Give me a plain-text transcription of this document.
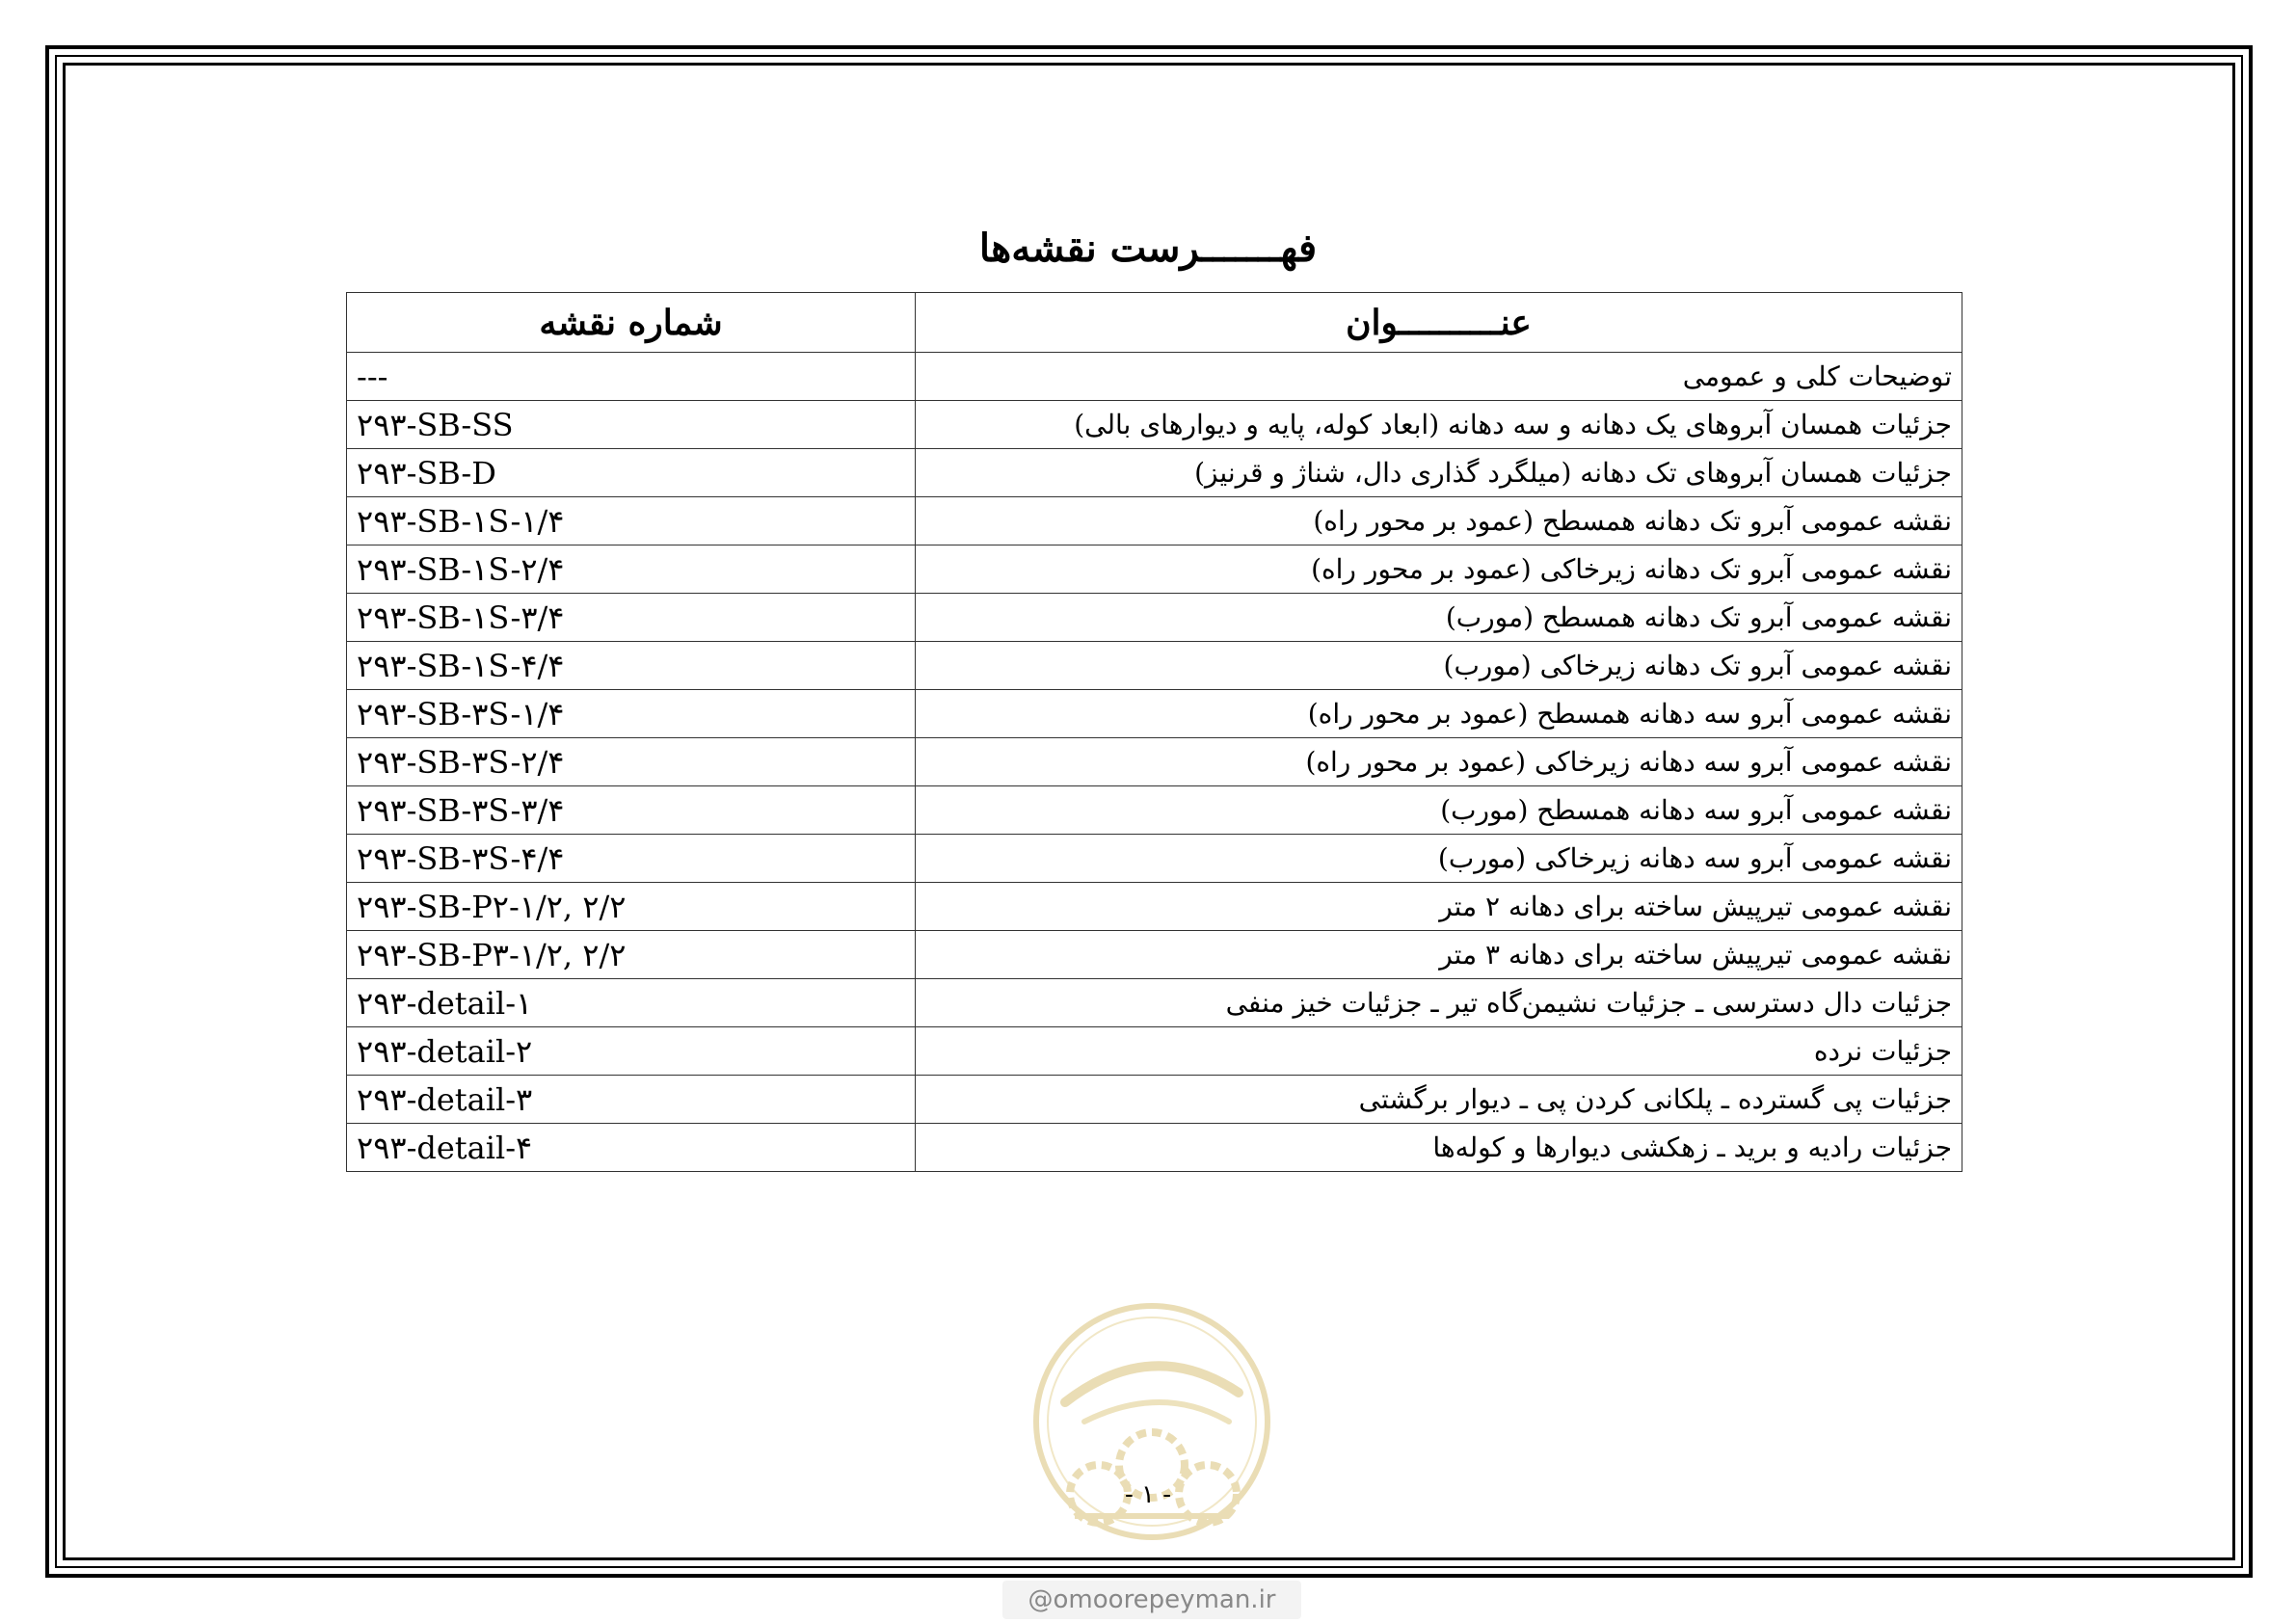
فهـــــــرست نقشه‌ها
عنــــــــــوان	شماره نقشه
توضیحات کلی و عمومی	---
جزئیات همسان آبروهای یک دهانه و سه دهانه (ابعاد کوله، پایه و دیوارهای بالی)	۲۹۳-SB-SS
جزئیات همسان آبروهای تک دهانه (میلگرد گذاری دال، شناژ و قرنیز)	۲۹۳-SB-D
نقشه عمومی آبرو تک دهانه همسطح (عمود بر محور راه)	۲۹۳-SB-۱S-۱/۴
نقشه عمومی آبرو تک دهانه زیرخاکی (عمود بر محور راه)	۲۹۳-SB-۱S-۲/۴
نقشه عمومی آبرو تک دهانه همسطح (مورب)	۲۹۳-SB-۱S-۳/۴
نقشه عمومی آبرو تک دهانه زیرخاکی (مورب)	۲۹۳-SB-۱S-۴/۴
نقشه عمومی آبرو سه دهانه همسطح (عمود بر محور راه)	۲۹۳-SB-۳S-۱/۴
نقشه عمومی آبرو سه دهانه زیرخاکی (عمود بر محور راه)	۲۹۳-SB-۳S-۲/۴
نقشه عمومی آبرو سه دهانه همسطح (مورب)	۲۹۳-SB-۳S-۳/۴
نقشه عمومی آبرو سه دهانه زیرخاکی (مورب)	۲۹۳-SB-۳S-۴/۴
نقشه عمومی تیرپیش ساخته برای دهانه ۲ متر	۲۹۳-SB-P۲-۱/۲, ۲/۲
نقشه عمومی تیرپیش ساخته برای دهانه ۳ متر	۲۹۳-SB-P۳-۱/۲, ۲/۲
جزئیات دال دسترسی ـ جزئیات نشیمن‌گاه تیر ـ جزئیات خیز منفی	۲۹۳-detail-۱
جزئیات نرده	۲۹۳-detail-۲
جزئیات پی گسترده ـ پلکانی کردن پی ـ دیوار برگشتی	۲۹۳-detail-۳
جزئیات رادیه و برید ـ زهکشی دیوارها و کوله‌ها	۲۹۳-detail-۴
- ۱ -
@omoorepeyman.ir
